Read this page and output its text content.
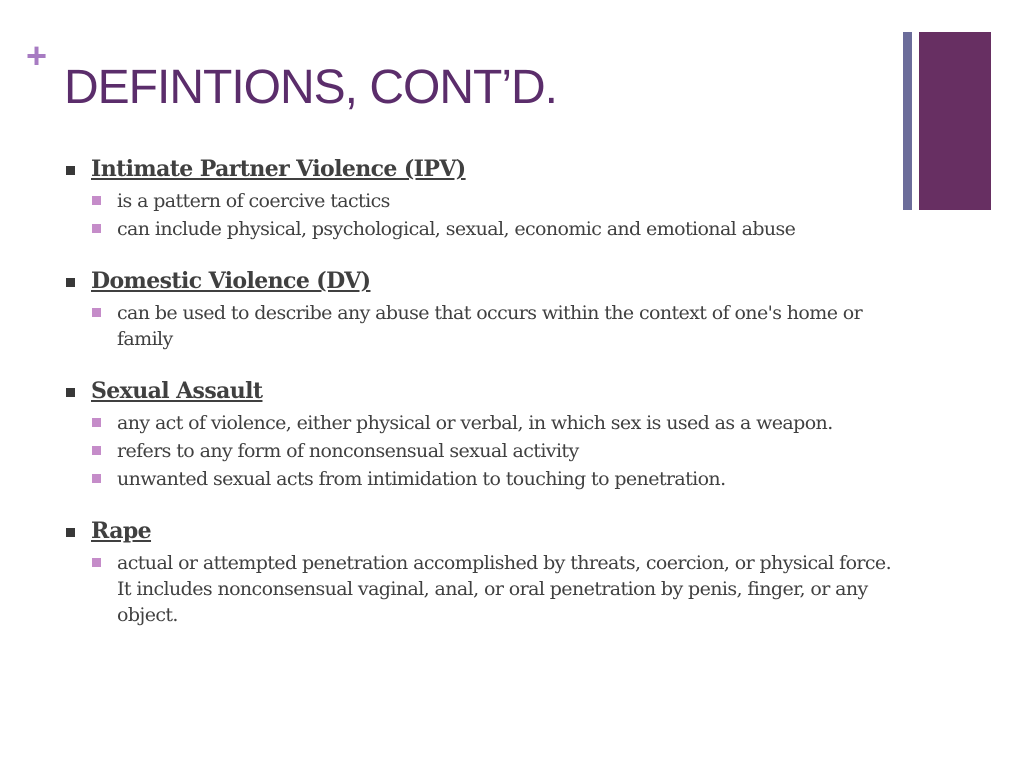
+
DEFINTIONS, CONT’D.
Intimate Partner Violence (IPV)
is a pattern of coercive tactics
can include physical, psychological, sexual, economic and emotional abuse
Domestic Violence (DV)
can be used to describe any abuse that occurs within the context of one's home or family
Sexual Assault
any act of violence, either physical or verbal, in which sex is used as a weapon.
refers to any form of nonconsensual sexual activity
unwanted sexual acts from intimidation to touching to penetration.
Rape
actual or attempted penetration accomplished by threats, coercion, or physical force. It includes nonconsensual vaginal, anal, or oral penetration by penis, finger, or any object.
